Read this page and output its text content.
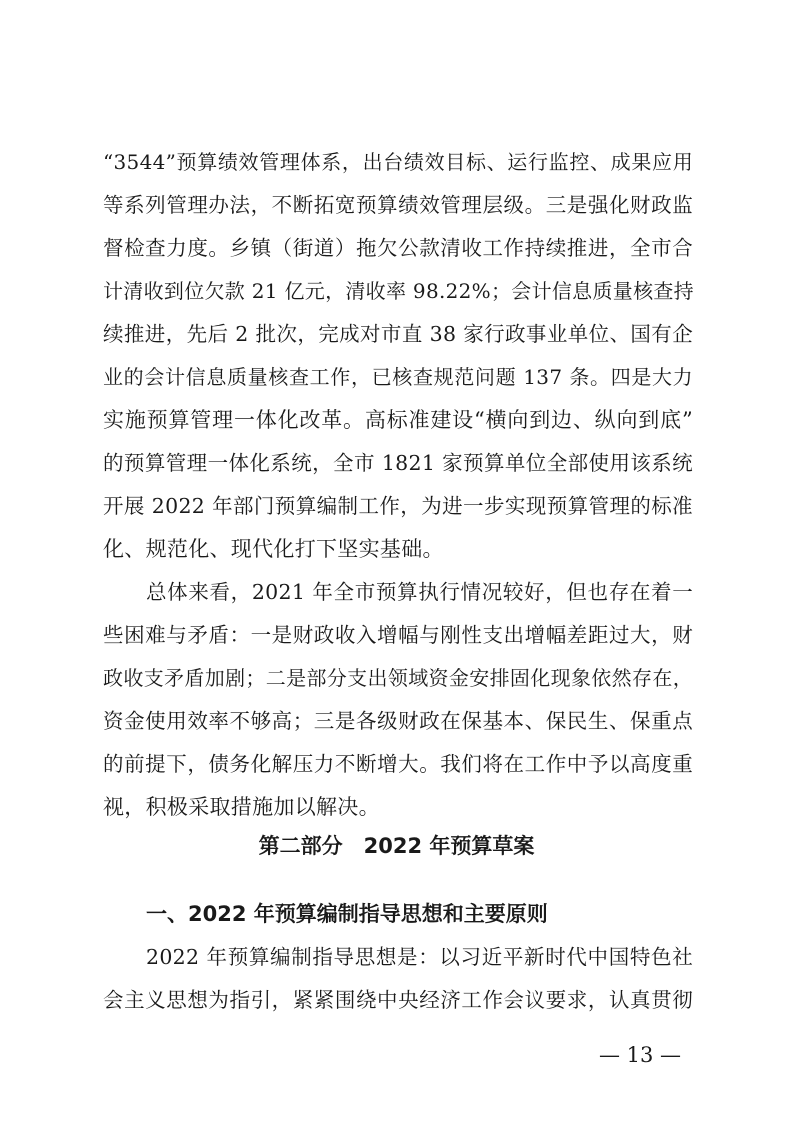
“3544”预算绩效管理体系，出台绩效目标、运行监控、成果应用
等系列管理办法，不断拓宽预算绩效管理层级。三是强化财政监
督检查力度。乡镇（街道）拖欠公款清收工作持续推进，全市合
计清收到位欠款 21 亿元，清收率 98.22%；会计信息质量核查持
续推进，先后 2 批次，完成对市直 38 家行政事业单位、国有企
业的会计信息质量核查工作，已核查规范问题 137 条。四是大力
实施预算管理一体化改革。高标准建设“横向到边、纵向到底”
的预算管理一体化系统，全市 1821 家预算单位全部使用该系统
开展 2022 年部门预算编制工作，为进一步实现预算管理的标准
化、规范化、现代化打下坚实基础。
总体来看，2021 年全市预算执行情况较好，但也存在着一
些困难与矛盾：一是财政收入增幅与刚性支出增幅差距过大，财
政收支矛盾加剧；二是部分支出领域资金安排固化现象依然存在，
资金使用效率不够高；三是各级财政在保基本、保民生、保重点
的前提下，债务化解压力不断增大。我们将在工作中予以高度重
视，积极采取措施加以解决。
第二部分　2022 年预算草案
一、2022 年预算编制指导思想和主要原则
2022 年预算编制指导思想是：以习近平新时代中国特色社
会主义思想为指引，紧紧围绕中央经济工作会议要求，认真贯彻
— 13 —
